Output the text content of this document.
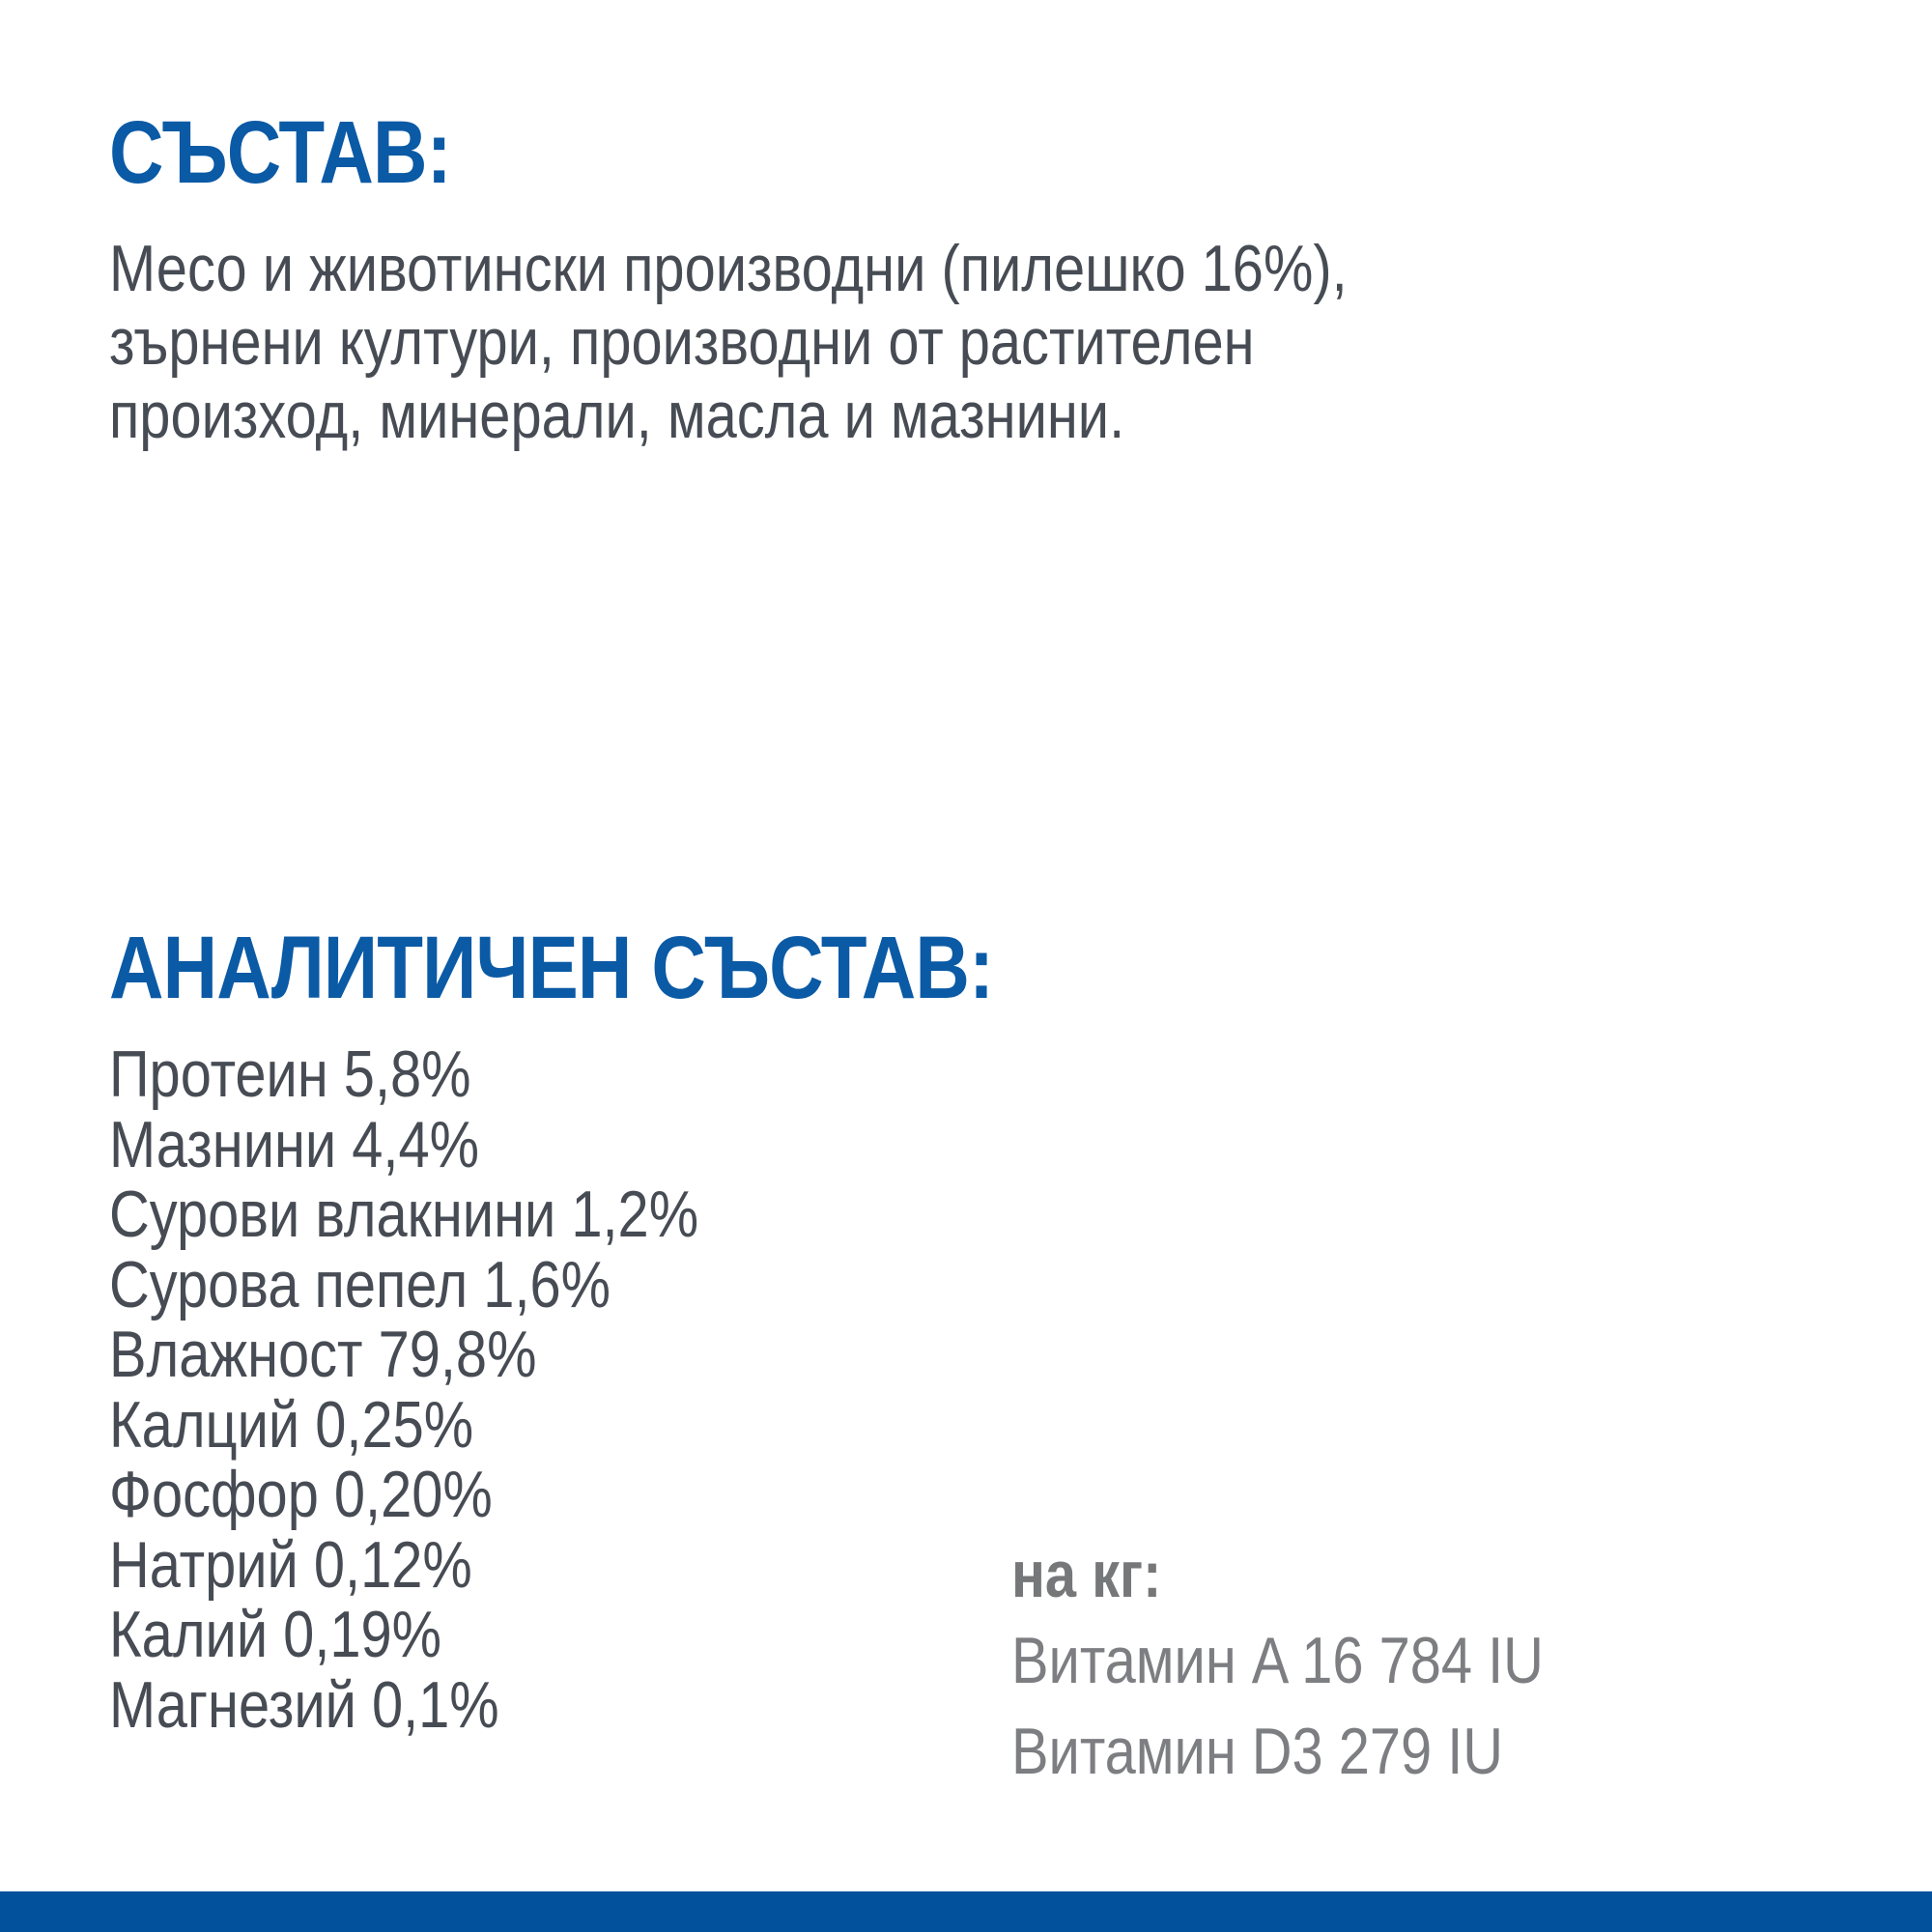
СЪСТАВ:
Месо и животински производни (пилешко 16%),
зърнени култури, производни от растителен
произход, минерали, масла и мазнини.
АНАЛИТИЧЕН СЪСТАВ:
Протеин 5,8%
Мазнини 4,4%
Сурови влакнини 1,2%
Сурова пепел 1,6%
Влажност 79,8%
Калций 0,25%
Фосфор 0,20%
Натрий 0,12%
Калий 0,19%
Магнезий 0,1%
на кг:
Витамин A 16 784 IU
Витамин D3 279 IU
